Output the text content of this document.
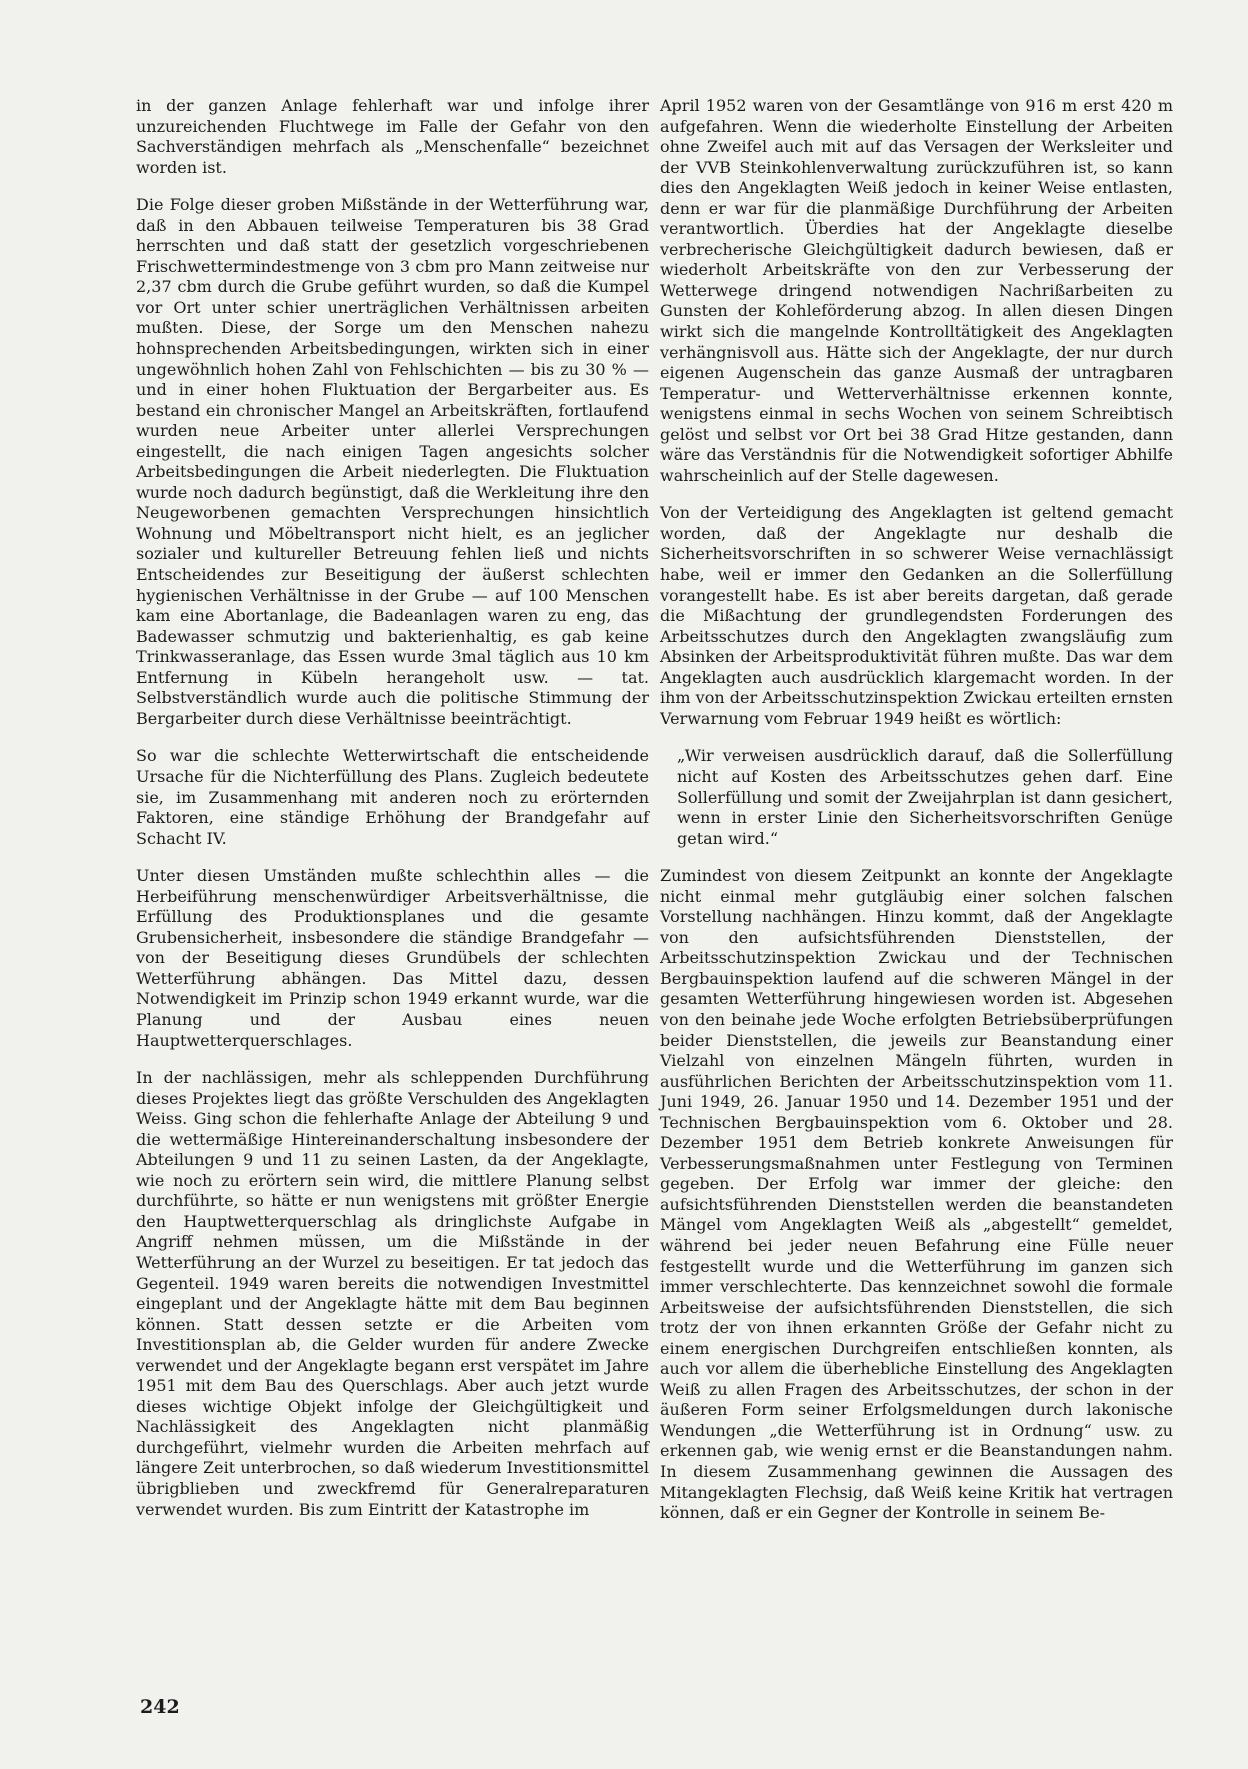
in der ganzen Anlage fehlerhaft war und infolge ihrer unzureichenden Fluchtwege im Falle der Gefahr von den Sachverständigen mehrfach als „Menschenfalle“ bezeichnet worden ist.

Die Folge dieser groben Mißstände in der Wetterführung war, daß in den Abbauen teilweise Temperaturen bis 38 Grad herrschten und daß statt der gesetzlich vorgeschriebenen Frischwettermindestmenge von 3 cbm pro Mann zeitweise nur 2,37 cbm durch die Grube geführt wurden, so daß die Kumpel vor Ort unter schier unerträglichen Verhältnissen arbeiten mußten. Diese, der Sorge um den Menschen nahezu hohnsprechenden Arbeitsbedingungen, wirkten sich in einer ungewöhnlich hohen Zahl von Fehlschichten — bis zu 30 % — und in einer hohen Fluktuation der Bergarbeiter aus. Es bestand ein chronischer Mangel an Arbeitskräften, fortlaufend wurden neue Arbeiter unter allerlei Versprechungen eingestellt, die nach einigen Tagen angesichts solcher Arbeitsbedingungen die Arbeit niederlegten. Die Fluktuation wurde noch dadurch begünstigt, daß die Werkleitung ihre den Neugeworbenen gemachten Versprechungen hinsichtlich Wohnung und Möbeltransport nicht hielt, es an jeglicher sozialer und kultureller Betreuung fehlen ließ und nichts Entscheidendes zur Beseitigung der äußerst schlechten hygienischen Verhältnisse in der Grube — auf 100 Menschen kam eine Abortanlage, die Badeanlagen waren zu eng, das Badewasser schmutzig und bakterienhaltig, es gab keine Trinkwasseranlage, das Essen wurde 3mal täglich aus 10 km Entfernung in Kübeln herangeholt usw. — tat. Selbstverständlich wurde auch die politische Stimmung der Bergarbeiter durch diese Verhältnisse beeinträchtigt.

So war die schlechte Wetterwirtschaft die entscheidende Ursache für die Nichterfüllung des Plans. Zugleich bedeutete sie, im Zusammenhang mit anderen noch zu erörternden Faktoren, eine ständige Erhöhung der Brandgefahr auf Schacht IV.

Unter diesen Umständen mußte schlechthin alles — die Herbeiführung menschenwürdiger Arbeitsverhältnisse, die Erfüllung des Produktionsplanes und die gesamte Grubensicherheit, insbesondere die ständige Brandgefahr — von der Beseitigung dieses Grundübels der schlechten Wetterführung abhängen. Das Mittel dazu, dessen Notwendigkeit im Prinzip schon 1949 erkannt wurde, war die Planung und der Ausbau eines neuen Hauptwetterquerschlages.

In der nachlässigen, mehr als schleppenden Durchführung dieses Projektes liegt das größte Verschulden des Angeklagten Weiss. Ging schon die fehlerhafte Anlage der Abteilung 9 und die wettermäßige Hintereinanderschaltung insbesondere der Abteilungen 9 und 11 zu seinen Lasten, da der Angeklagte, wie noch zu erörtern sein wird, die mittlere Planung selbst durchführte, so hätte er nun wenigstens mit größter Energie den Hauptwetterquerschlag als dringlichste Aufgabe in Angriff nehmen müssen, um die Mißstände in der Wetterführung an der Wurzel zu beseitigen. Er tat jedoch das Gegenteil. 1949 waren bereits die notwendigen Investmittel eingeplant und der Angeklagte hätte mit dem Bau beginnen können. Statt dessen setzte er die Arbeiten vom Investitionsplan ab, die Gelder wurden für andere Zwecke verwendet und der Angeklagte begann erst verspätet im Jahre 1951 mit dem Bau des Querschlags. Aber auch jetzt wurde dieses wichtige Objekt infolge der Gleichgültigkeit und Nachlässigkeit des Angeklagten nicht planmäßig durchgeführt, vielmehr wurden die Arbeiten mehrfach auf längere Zeit unterbrochen, so daß wiederum Investitionsmittel übrigblieben und zweckfremd für Generalreparaturen verwendet wurden. Bis zum Eintritt der Katastrophe im

April 1952 waren von der Gesamtlänge von 916 m erst 420 m aufgefahren. Wenn die wiederholte Einstellung der Arbeiten ohne Zweifel auch mit auf das Versagen der Werksleiter und der VVB Steinkohlenverwaltung zurückzuführen ist, so kann dies den Angeklagten Weiß jedoch in keiner Weise entlasten, denn er war für die planmäßige Durchführung der Arbeiten verantwortlich. Überdies hat der Angeklagte dieselbe verbrecherische Gleichgültigkeit dadurch bewiesen, daß er wiederholt Arbeitskräfte von den zur Verbesserung der Wetterwege dringend notwendigen Nachrißarbeiten zu Gunsten der Kohleförderung abzog. In allen diesen Dingen wirkt sich die mangelnde Kontrolltätigkeit des Angeklagten verhängnisvoll aus. Hätte sich der Angeklagte, der nur durch eigenen Augenschein das ganze Ausmaß der untragbaren Temperatur- und Wetterverhältnisse erkennen konnte, wenigstens einmal in sechs Wochen von seinem Schreibtisch gelöst und selbst vor Ort bei 38 Grad Hitze gestanden, dann wäre das Verständnis für die Notwendigkeit sofortiger Abhilfe wahrscheinlich auf der Stelle dagewesen.

Von der Verteidigung des Angeklagten ist geltend gemacht worden, daß der Angeklagte nur deshalb die Sicherheitsvorschriften in so schwerer Weise vernachlässigt habe, weil er immer den Gedanken an die Sollerfüllung vorangestellt habe. Es ist aber bereits dargetan, daß gerade die Mißachtung der grundlegendsten Forderungen des Arbeitsschutzes durch den Angeklagten zwangsläufig zum Absinken der Arbeitsproduktivität führen mußte. Das war dem Angeklagten auch ausdrücklich klargemacht worden. In der ihm von der Arbeitsschutzinspektion Zwickau erteilten ernsten Verwarnung vom Februar 1949 heißt es wörtlich:

„Wir verweisen ausdrücklich darauf, daß die Sollerfüllung nicht auf Kosten des Arbeitsschutzes gehen darf. Eine Sollerfüllung und somit der Zweijahrplan ist dann gesichert, wenn in erster Linie den Sicherheitsvorschriften Genüge getan wird.“

Zumindest von diesem Zeitpunkt an konnte der Angeklagte nicht einmal mehr gutgläubig einer solchen falschen Vorstellung nachhängen. Hinzu kommt, daß der Angeklagte von den aufsichtsführenden Dienststellen, der Arbeitsschutzinspektion Zwickau und der Technischen Bergbauinspektion laufend auf die schweren Mängel in der gesamten Wetterführung hingewiesen worden ist. Abgesehen von den beinahe jede Woche erfolgten Betriebsüberprüfungen beider Dienststellen, die jeweils zur Beanstandung einer Vielzahl von einzelnen Mängeln führten, wurden in ausführlichen Berichten der Arbeitsschutzinspektion vom 11. Juni 1949, 26. Januar 1950 und 14. Dezember 1951 und der Technischen Bergbauinspektion vom 6. Oktober und 28. Dezember 1951 dem Betrieb konkrete Anweisungen für Verbesserungsmaßnahmen unter Festlegung von Terminen gegeben. Der Erfolg war immer der gleiche: den aufsichtsführenden Dienststellen werden die beanstandeten Mängel vom Angeklagten Weiß als „abgestellt“ gemeldet, während bei jeder neuen Befahrung eine Fülle neuer festgestellt wurde und die Wetterführung im ganzen sich immer verschlechterte. Das kennzeichnet sowohl die formale Arbeitsweise der aufsichtsführenden Dienststellen, die sich trotz der von ihnen erkannten Größe der Gefahr nicht zu einem energischen Durchgreifen entschließen konnten, als auch vor allem die überhebliche Einstellung des Angeklagten Weiß zu allen Fragen des Arbeitsschutzes, der schon in der äußeren Form seiner Erfolgsmeldungen durch lakonische Wendungen „die Wetterführung ist in Ordnung“ usw. zu erkennen gab, wie wenig ernst er die Beanstandungen nahm. In diesem Zusammenhang gewinnen die Aussagen des Mitangeklagten Flechsig, daß Weiß keine Kritik hat vertragen können, daß er ein Gegner der Kontrolle in seinem Be-

242
